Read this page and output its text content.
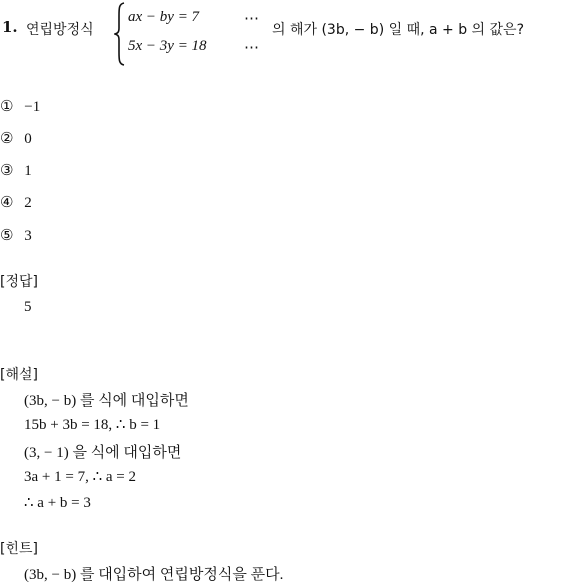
1. 연립방정식
ax − by = 7	⋯
5x − 3y = 18 ⋯
의 해가 (3b, − b) 일 때, a + b 의 값은?
① −1
② 0
③ 1
④ 2
⑤ 3
[정답]
5
[해설]
(3b, − b) 를 식에 대입하면
15b + 3b = 18, ∴ b = 1
(3, − 1) 을 식에 대입하면
3a + 1 = 7, ∴ a = 2
∴ a + b = 3
[힌트]
(3b, − b) 를 대입하여 연립방정식을 푼다.
